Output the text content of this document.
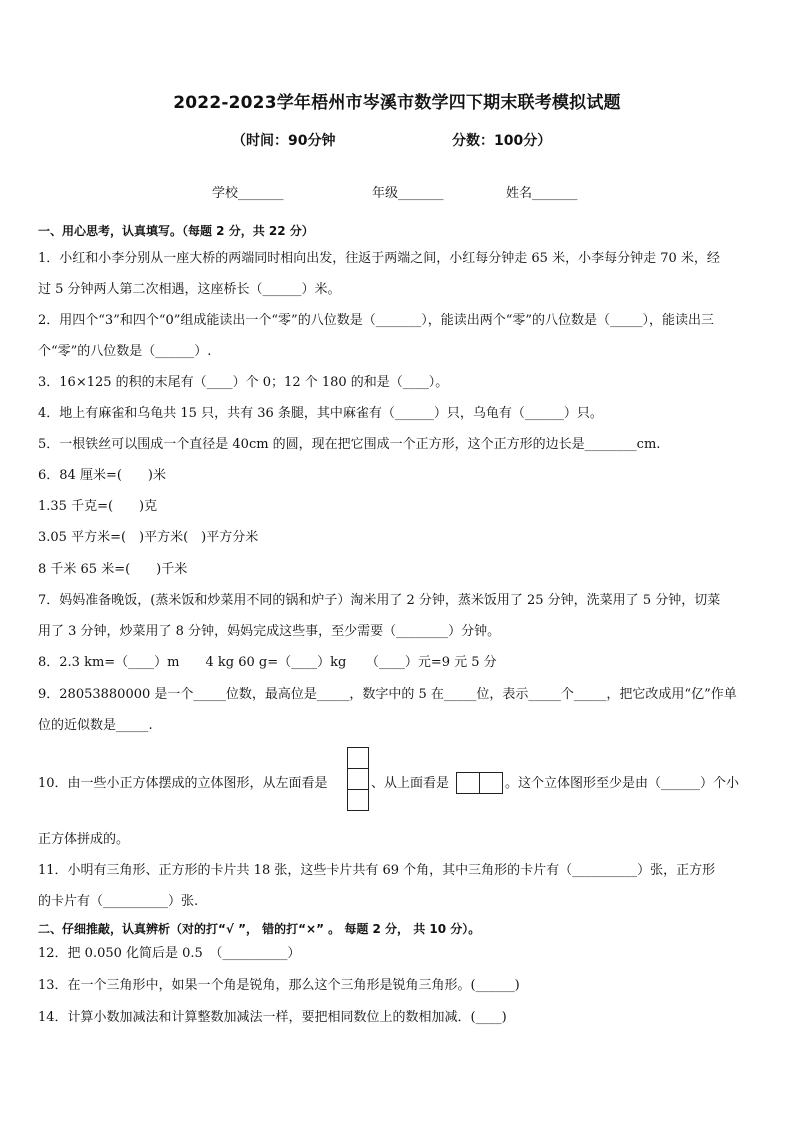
2022-2023学年梧州市岑溪市数学四下期末联考模拟试题
（时间：90分钟	分数：100分）
学校_______	年级_______	姓名_______
一、用心思考，认真填写。（每题 2 分，共 22 分）
1．小红和小李分别从一座大桥的两端同时相向出发，往返于两端之间，小红每分钟走 65 米，小李每分钟走 70 米，经
过 5 分钟两人第二次相遇，这座桥长（______）米。
2．用四个“3”和四个“0”组成能读出一个“零”的八位数是（_______），能读出两个“零”的八位数是（_____），能读出三
个“零”的八位数是（______）.
3．16×125 的积的末尾有（____）个 0；12 个 180 的和是（____）。
4．地上有麻雀和乌龟共 15 只，共有 36 条腿，其中麻雀有（______）只，乌龟有（______）只。
5．一根铁丝可以围成一个直径是 40cm 的圆，现在把它围成一个正方形，这个正方形的边长是________cm.
6．84 厘米=(　　)米
1.35 千克=(　　)克
3.05 平方米=(　)平方米(　)平方分米
8 千米 65 米=(　　)千米
7．妈妈准备晚饭，(蒸米饭和炒菜用不同的锅和炉子）淘米用了 2 分钟，蒸米饭用了 25 分钟，洗菜用了 5 分钟，切菜
用了 3 分钟，炒菜用了 8 分钟，妈妈完成这些事，至少需要（________）分钟。
8．2.3 km=（____）m　　4 kg 60 g=（____）kg　　（____）元=9 元 5 分
9．28053880000 是一个_____位数，最高位是_____，数字中的 5 在_____位，表示_____个_____，把它改成用“亿”作单
位的近似数是_____.
10．由一些小正方体摆成的立体图形，从左面看是	、从上面看是	。这个立体图形至少是由（______）个小
正方体拼成的。
11．小明有三角形、正方形的卡片共 18 张，这些卡片共有 69 个角，其中三角形的卡片有（__________）张，正方形
的卡片有（__________）张.
二、仔细推敲，认真辨析（对的打“√ ”， 错的打“×” 。 每题 2 分， 共 10 分）。
12．把 0.050 化简后是 0.5　（__________）
13．在一个三角形中，如果一个角是锐角，那么这个三角形是锐角三角形。(______)
14．计算小数加减法和计算整数加减法一样，要把相同数位上的数相加减．(____)
